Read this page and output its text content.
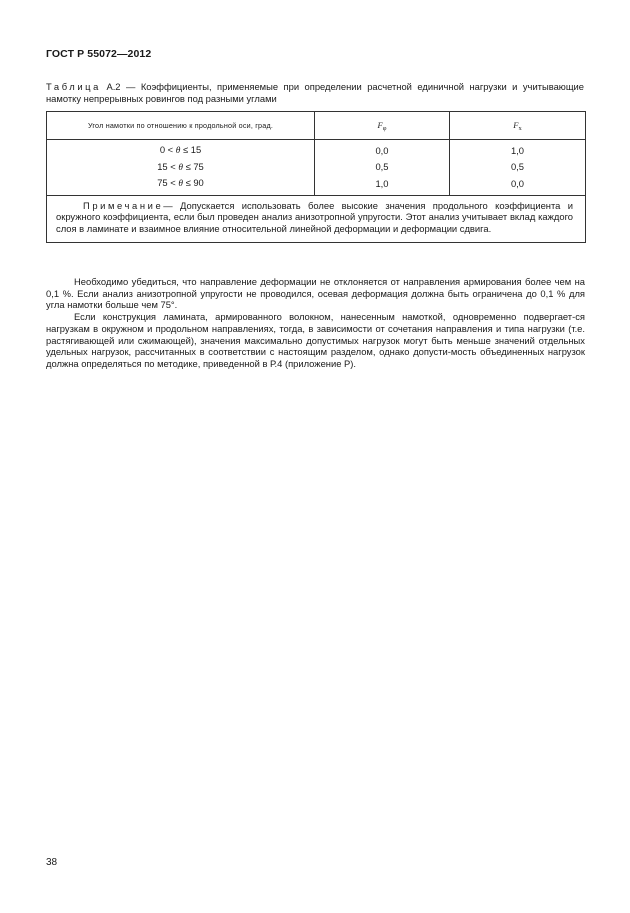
ГОСТ Р 55072—2012
Таблица А.2 — Коэффициенты, применяемые при определении расчетной единичной нагрузки и учитывающие намотку непрерывных ровингов под разными углами
Угол намотки по отношению к продольной оси, град.	$F_\varphi$	$F_x$
0 < θ ≤ 15	0,0	1,0
15 < θ ≤ 75	0,5	0,5
75 < θ ≤ 90	1,0	0,0
Примечание— Допускается использовать более высокие значения продольного коэффициента и окружного коэффициента, если был проведен анализ анизотропной упругости. Этот анализ учитывает вклад каждого слоя в ламинате и взаимное влияние относительной линейной деформации и деформации сдвига.		

Необходимо убедиться, что направление деформации не отклоняется от направления армирования более чем на 0,1 %. Если анализ анизотропной упругости не проводился, осевая деформация должна быть ограничена до 0,1 % для угла намотки больше чем 75°.

Если конструкция ламината, армированного волокном, нанесенным намоткой, одновременно подвергает-ся нагрузкам в окружном и продольном направлениях, тогда, в зависимости от сочетания направления и типа нагрузки (т.е. растягивающей или сжимающей), значения максимально допустимых нагрузок могут быть меньше значений отдельных удельных нагрузок, рассчитанных в соответствии с настоящим разделом, однако допусти-мость объединенных нагрузок должна определяться по методике, приведенной в Р.4 (приложение Р).

38
